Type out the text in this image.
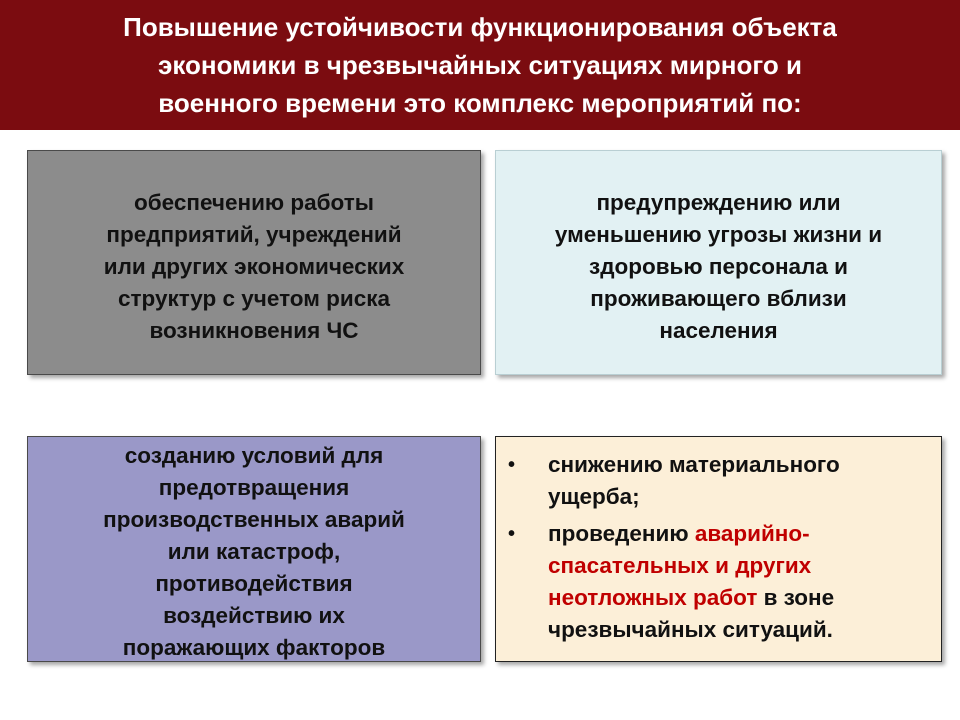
Повышение устойчивости функционирования объекта
экономики в чрезвычайных ситуациях мирного и
военного времени это комплекс мероприятий по:

обеспечению работы
предприятий, учреждений
или других экономических
структур с учетом риска
возникновения ЧС
предупреждению или
уменьшению угрозы жизни и
здоровью персонала и
проживающего вблизи
населения
созданию условий для
предотвращения
производственных аварий
или катастроф,
противодействия
воздействию их
поражающих факторов
• снижению материального
ущерба;
• проведению аварийно-
спасательных и других
неотложных работ в зоне
чрезвычайных ситуаций.
